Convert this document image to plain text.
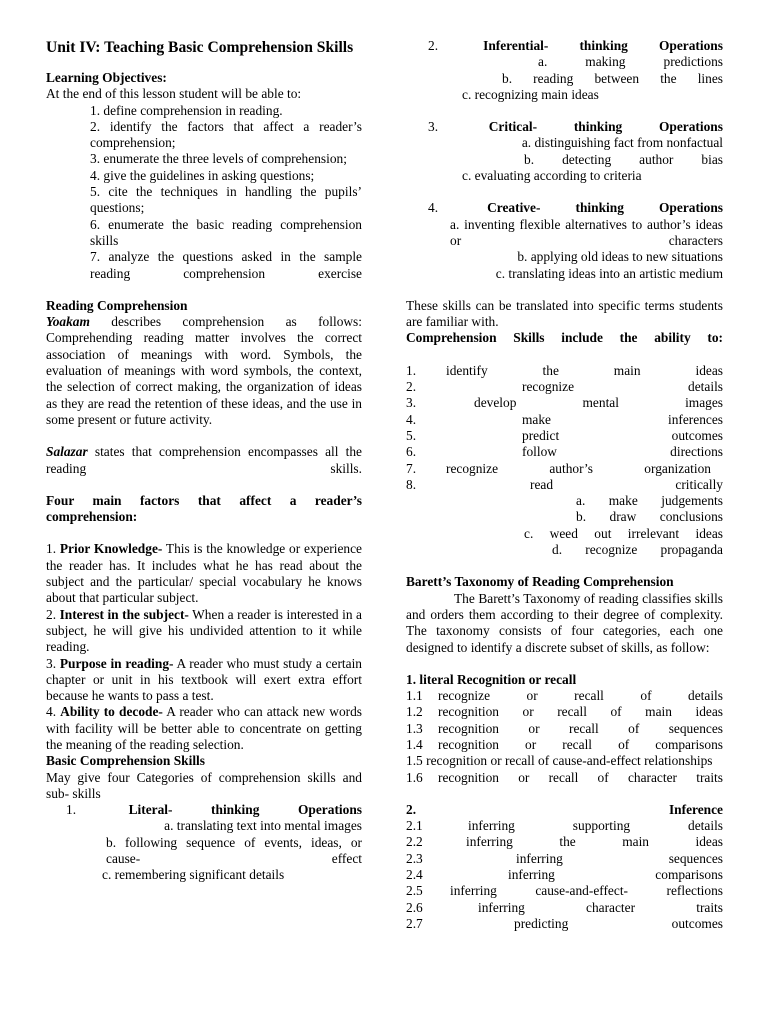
Unit IV: Teaching Basic Comprehension Skills
Learning Objectives:
At the end of this lesson student will be able to:
1. define comprehension in reading.
2. identify the factors that affect a reader’s comprehension;
3. enumerate the three levels of comprehension;
4. give the guidelines in asking questions;
5. cite the techniques in handling the pupils’ questions;
6. enumerate the basic reading comprehension skills
7. analyze the questions asked in the sample reading comprehension exercise
Reading Comprehension
Yoakam describes comprehension as follows: Comprehending reading matter involves the correct association of meanings with word. Symbols, the evaluation of meanings with word symbols, the context, the selection of correct making, the organization of ideas as they are read the retention of these ideas, and the use in some present or future activity.
Salazar states that comprehension encompasses all the reading skills.
Four main factors that affect a reader’s comprehension:
1. Prior Knowledge- This is the knowledge or experience the reader has. It includes what he has read about the subject and the particular/ special vocabulary he knows about that particular subject.
2. Interest in the subject- When a reader is interested in a subject, he will give his undivided attention to it while reading.
3. Purpose in reading- A reader who must study a certain chapter or unit in his textbook will exert extra effort because he wants to pass a test.
4. Ability to decode- A reader who can attack new words with facility will be better able to concentrate on getting the meaning of the reading selection.
Basic Comprehension Skills
May give four Categories of comprehension skills and sub- skills
1.	Literal-	thinking	Operations
a. translating text into mental images
b. following sequence of events, ideas, or cause- effect
c. remembering significant details
2.	Inferential- thinking Operations
a. making predictions
b. reading between the lines
c. recognizing main ideas
3.	Critical-	thinking	Operations
a. distinguishing fact from nonfactual
b. detecting author bias
c. evaluating according to criteria
4.	Creative-	thinking	Operations
a. inventing flexible alternatives to author’s ideas or characters
b. applying old ideas to new situations
c. translating ideas into an artistic medium
These skills can be translated into specific terms students are familiar with.
Comprehension Skills include the ability to:
1.	identify the main ideas
2.	recognize details
3.	develop mental images
4.	make inferences
5.	predict outcomes
6.	follow directions
7.	recognize author’s organization
8.	read critically
a. make judgements
b. draw conclusions
c. weed out irrelevant ideas
d. recognize propaganda
Barett’s Taxonomy of Reading Comprehension
The Barett’s Taxonomy of reading classifies skills and orders them according to their degree of complexity. The taxonomy consists of four categories, each one designed to identify a discrete subset of skills, as follow:
1. literal Recognition or recall
1.1	recognize or recall of details
1.2	recognition or recall of main ideas
1.3	recognition or recall of sequences
1.4	recognition or recall of comparisons
1.5 recognition or recall of cause-and-effect relationships
1.6	recognition or recall of character traits
2.	Inference
2.1	inferring supporting details
2.2	inferring the main ideas
2.3	inferring sequences
2.4	inferring comparisons
2.5	inferring cause-and-effect- reflections
2.6	inferring character traits
2.7	predicting outcomes
